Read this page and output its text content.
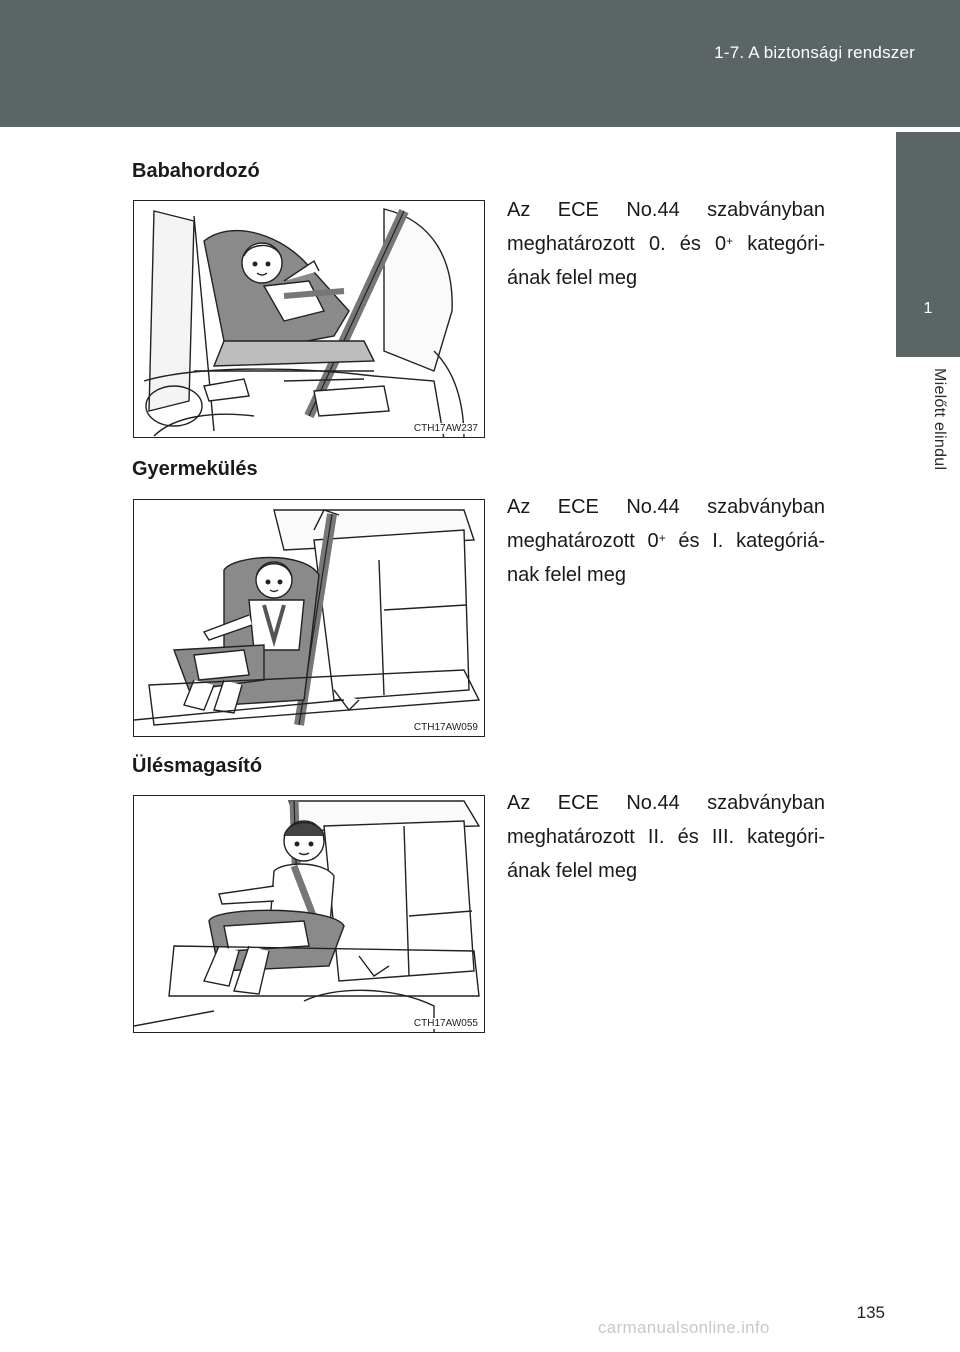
1-7. A biztonsági rendszer
1
Mielőtt elindul
Babahordozó
CTH17AW237
Az ECE No.44 szabványban
meghatározott 0. és 0+ kategóri-
ának felel meg
Gyermekülés
CTH17AW059
Az ECE No.44 szabványban
meghatározott 0+ és I. kategóriá-
nak felel meg
Ülésmagasító
CTH17AW055
Az ECE No.44 szabványban
meghatározott II. és III. kategóri-
ának felel meg
135
carmanualsonline.info
